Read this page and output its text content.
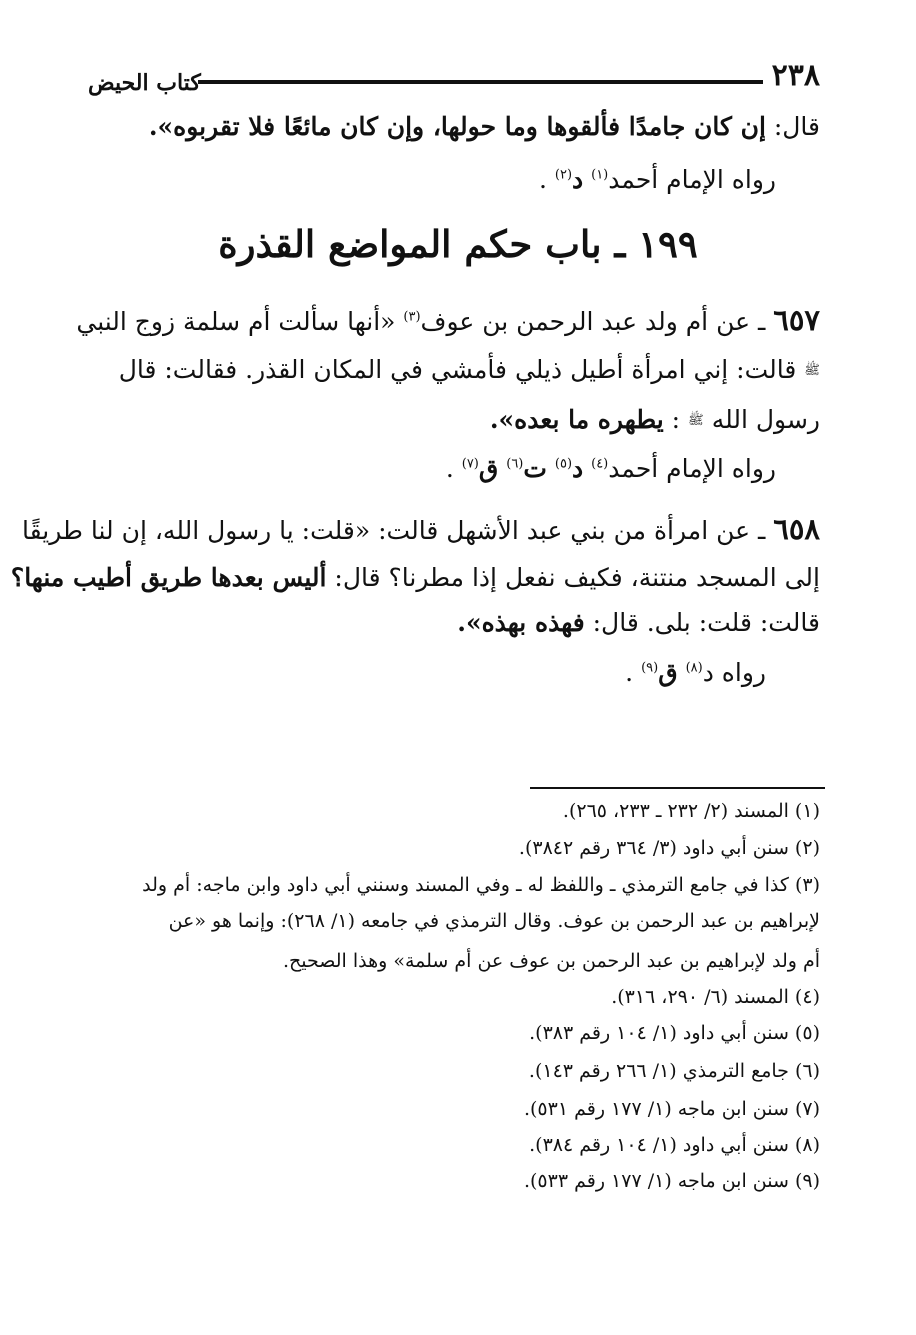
٢٣٨
كتاب الحيض
قال: إن كان جامدًا فألقوها وما حولها، وإن كان مائعًا فلا تقربوه».
رواه الإمام أحمد$^{(١)}$ د$^{(٢)}$ .
١٩٩ ـ باب حكم المواضع القذرة
٦٥٧ ـ عن أم ولد عبد الرحمن بن عوف$^{(٣)}$ «أنها سألت أم سلمة زوج النبي
ﷺ قالت: إني امرأة أطيل ذيلي فأمشي في المكان القذر. فقالت: قال
رسول الله ﷺ : يطهره ما بعده».
رواه الإمام أحمد$^{(٤)}$ د$^{(٥)}$ ت$^{(٦)}$ ق$^{(٧)}$ .
٦٥٨ ـ عن امرأة من بني عبد الأشهل قالت: «قلت: يا رسول الله، إن لنا طريقًا
إلى المسجد منتنة، فكيف نفعل إذا مطرنا؟ قال: أليس بعدها طريق أطيب منها؟
قالت: قلت: بلى. قال: فهذه بهذه».
رواه د$^{(٨)}$ ق$^{(٩)}$ .
(١) المسند (٢/ ٢٣٢ ـ ٢٣٣، ٢٦٥).
(٢) سنن أبي داود (٣/ ٣٦٤ رقم ٣٨٤٢).
(٣) كذا في جامع الترمذي ـ واللفظ له ـ وفي المسند وسنني أبي داود وابن ماجه: أم ولد
لإبراهيم بن عبد الرحمن بن عوف. وقال الترمذي في جامعه (١/ ٢٦٨): وإنما هو «عن
أم ولد لإبراهيم بن عبد الرحمن بن عوف عن أم سلمة» وهذا الصحيح.
(٤) المسند (٦/ ٢٩٠، ٣١٦).
(٥) سنن أبي داود (١/ ١٠٤ رقم ٣٨٣).
(٦) جامع الترمذي (١/ ٢٦٦ رقم ١٤٣).
(٧) سنن ابن ماجه (١/ ١٧٧ رقم ٥٣١).
(٨) سنن أبي داود (١/ ١٠٤ رقم ٣٨٤).
(٩) سنن ابن ماجه (١/ ١٧٧ رقم ٥٣٣).
